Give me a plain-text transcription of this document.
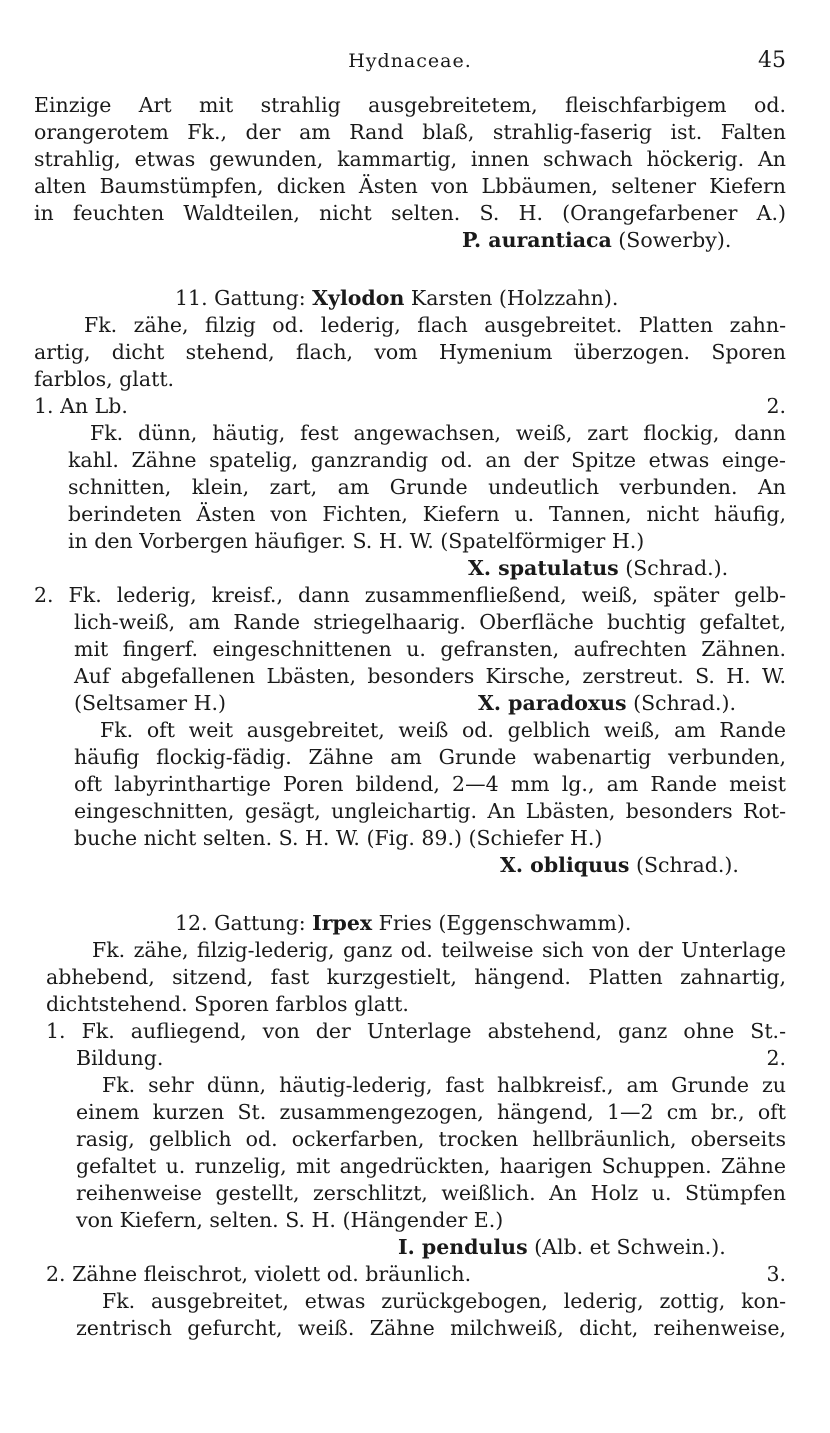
Hydnaceae.	45
Einzige Art mit strahlig ausgebreitetem, fleischfarbigem od.
orangerotem Fk., der am Rand blaß, strahlig-faserig ist. Falten
strahlig, etwas gewunden, kammartig, innen schwach höckerig. An
alten Baumstümpfen, dicken Ästen von Lbbäumen, seltener Kiefern
in feuchten Waldteilen, nicht selten. S. H. (Orangefarbener A.)
P. aurantiaca (Sowerby).
11. Gattung: Xylodon Karsten (Holzzahn).
Fk. zähe, filzig od. lederig, flach ausgebreitet. Platten zahn-
artig, dicht stehend, flach, vom Hymenium überzogen. Sporen
farblos, glatt.
1. An Lb.	2.
Fk. dünn, häutig, fest angewachsen, weiß, zart flockig, dann
kahl. Zähne spatelig, ganzrandig od. an der Spitze etwas einge-
schnitten, klein, zart, am Grunde undeutlich verbunden. An
berindeten Ästen von Fichten, Kiefern u. Tannen, nicht häufig,
in den Vorbergen häufiger. S. H. W. (Spatelförmiger H.)
X. spatulatus (Schrad.).
2. Fk. lederig, kreisf., dann zusammenfließend, weiß, später gelb-
lich-weiß, am Rande striegelhaarig. Oberfläche buchtig gefaltet,
mit fingerf. eingeschnittenen u. gefransten, aufrechten Zähnen.
Auf abgefallenen Lbästen, besonders Kirsche, zerstreut. S. H. W.
(Seltsamer H.)	X. paradoxus (Schrad.).
Fk. oft weit ausgebreitet, weiß od. gelblich weiß, am Rande
häufig flockig-fädig. Zähne am Grunde wabenartig verbunden,
oft labyrinthartige Poren bildend, 2—4 mm lg., am Rande meist
eingeschnitten, gesägt, ungleichartig. An Lbästen, besonders Rot-
buche nicht selten. S. H. W. (Fig. 89.) (Schiefer H.)
X. obliquus (Schrad.).
12. Gattung: Irpex Fries (Eggenschwamm).
Fk. zähe, filzig-lederig, ganz od. teilweise sich von der Unterlage
abhebend, sitzend, fast kurzgestielt, hängend. Platten zahnartig,
dichtstehend. Sporen farblos glatt.
1. Fk. aufliegend, von der Unterlage abstehend, ganz ohne St.-
Bildung.	2.
Fk. sehr dünn, häutig-lederig, fast halbkreisf., am Grunde zu
einem kurzen St. zusammengezogen, hängend, 1—2 cm br., oft
rasig, gelblich od. ockerfarben, trocken hellbräunlich, oberseits
gefaltet u. runzelig, mit angedrückten, haarigen Schuppen. Zähne
reihenweise gestellt, zerschlitzt, weißlich. An Holz u. Stümpfen
von Kiefern, selten. S. H. (Hängender E.)
I. pendulus (Alb. et Schwein.).
2. Zähne fleischrot, violett od. bräunlich.	3.
Fk. ausgebreitet, etwas zurückgebogen, lederig, zottig, kon-
zentrisch gefurcht, weiß. Zähne milchweiß, dicht, reihenweise,
